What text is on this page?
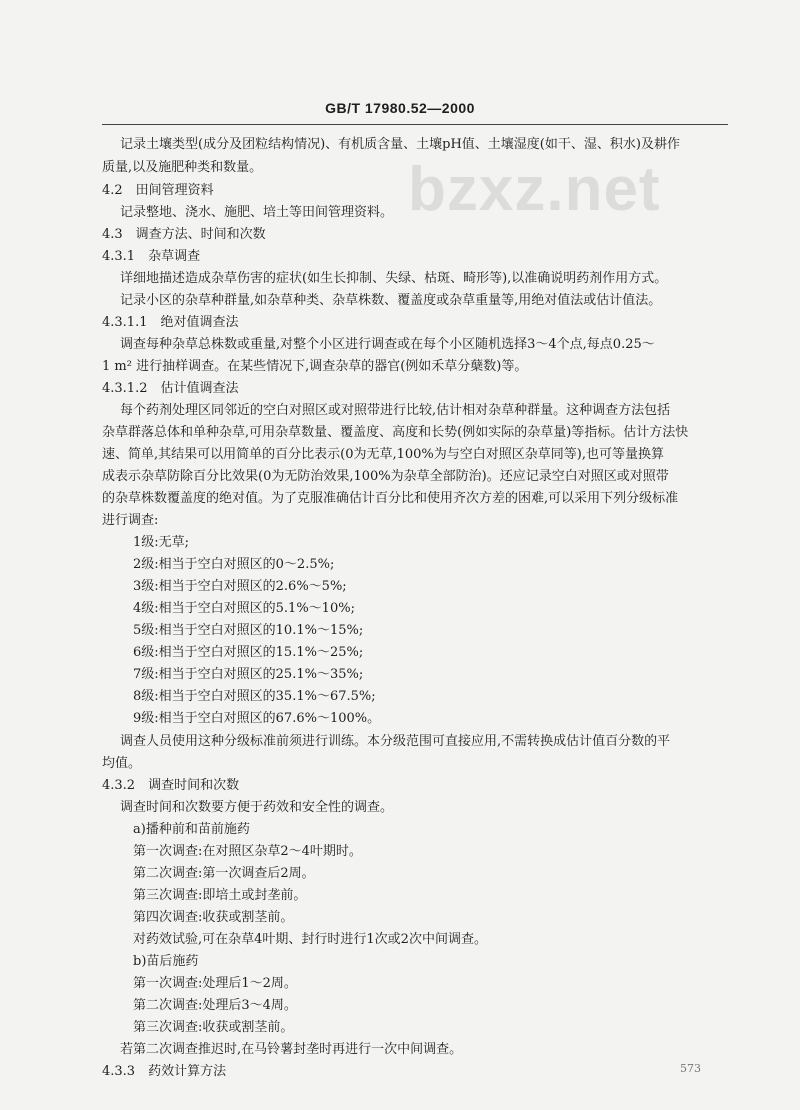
GB/T 17980.52—2000
bzxz.net
记录土壤类型(成分及团粒结构情况)、有机质含量、土壤pH值、土壤湿度(如干、湿、积水)及耕作
质量,以及施肥种类和数量。
4.2　田间管理资料
记录整地、浇水、施肥、培土等田间管理资料。
4.3　调查方法、时间和次数
4.3.1　杂草调查
详细地描述造成杂草伤害的症状(如生长抑制、失绿、枯斑、畸形等),以准确说明药剂作用方式。
记录小区的杂草种群量,如杂草种类、杂草株数、覆盖度或杂草重量等,用绝对值法或估计值法。
4.3.1.1　绝对值调查法
调查每种杂草总株数或重量,对整个小区进行调查或在每个小区随机选择3～4个点,每点0.25～
1 m² 进行抽样调查。在某些情况下,调查杂草的器官(例如禾草分蘖数)等。
4.3.1.2　估计值调查法
每个药剂处理区同邻近的空白对照区或对照带进行比较,估计相对杂草种群量。这种调查方法包括
杂草群落总体和单种杂草,可用杂草数量、覆盖度、高度和长势(例如实际的杂草量)等指标。估计方法快
速、简单,其结果可以用简单的百分比表示(0为无草,100%为与空白对照区杂草同等),也可等量换算
成表示杂草防除百分比效果(0为无防治效果,100%为杂草全部防治)。还应记录空白对照区或对照带
的杂草株数覆盖度的绝对值。为了克服准确估计百分比和使用齐次方差的困难,可以采用下列分级标准
进行调查:
1级:无草;
2级:相当于空白对照区的0～2.5%;
3级:相当于空白对照区的2.6%～5%;
4级:相当于空白对照区的5.1%～10%;
5级:相当于空白对照区的10.1%～15%;
6级:相当于空白对照区的15.1%～25%;
7级:相当于空白对照区的25.1%～35%;
8级:相当于空白对照区的35.1%～67.5%;
9级:相当于空白对照区的67.6%～100%。
调查人员使用这种分级标准前须进行训练。本分级范围可直接应用,不需转换成估计值百分数的平
均值。
4.3.2　调查时间和次数
调查时间和次数要方便于药效和安全性的调查。
a)播种前和苗前施药
第一次调查:在对照区杂草2～4叶期时。
第二次调查:第一次调查后2周。
第三次调查:即培土或封垄前。
第四次调查:收获或割茎前。
对药效试验,可在杂草4叶期、封行时进行1次或2次中间调查。
b)苗后施药
第一次调查:处理后1～2周。
第二次调查:处理后3～4周。
第三次调查:收获或割茎前。
若第二次调查推迟时,在马铃薯封垄时再进行一次中间调查。
4.3.3　药效计算方法	573
